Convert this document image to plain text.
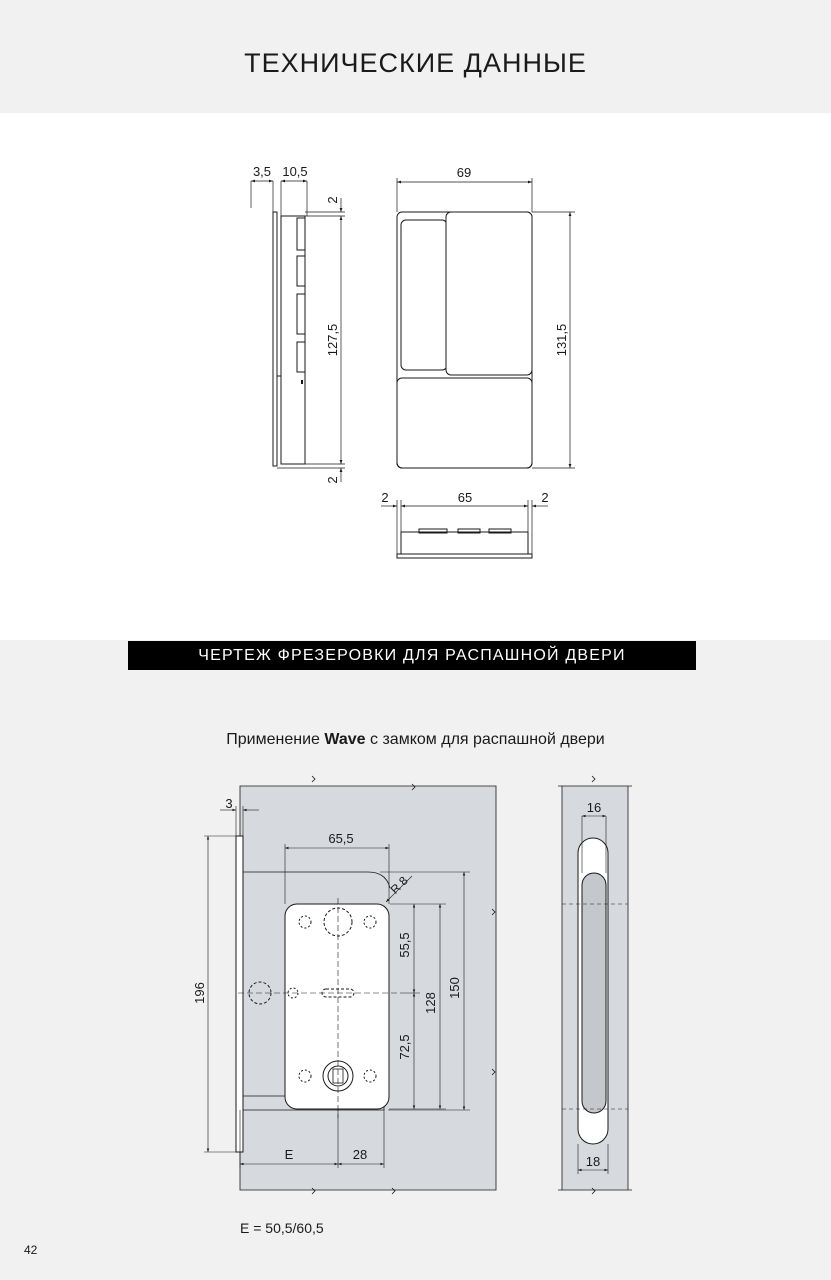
ТЕХНИЧЕСКИЕ ДАННЫЕ
ЧЕРТЕЖ ФРЕЗЕРОВКИ ДЛЯ РАСПАШНОЙ ДВЕРИ
Применение Wave с замком для распашной двери
E = 50,5/60,5
42
3,5 10,5
127,5
2
2
69
131,5
2	65	2
3
65,5
R 8
196
55,5
72,5
128
150
E	28
16
18
